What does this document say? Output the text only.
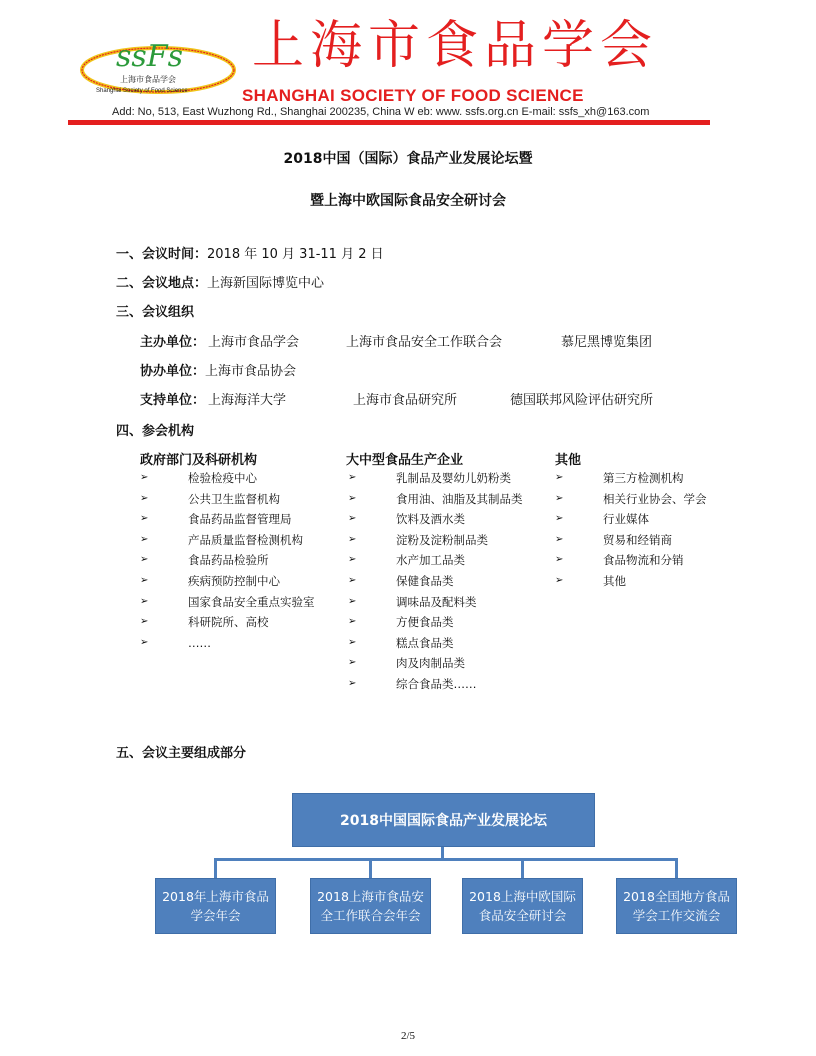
ssFs
上海市食品学会
Shanghai Society of Food Science
上海市食品学会
SHANGHAI SOCIETY OF FOOD SCIENCE
Add: No, 513, East Wuzhong Rd., Shanghai 200235, China W eb: www. ssfs.org.cn E-mail: ssfs_xh@163.com
2018中国（国际）食品产业发展论坛暨
暨上海中欧国际食品安全研讨会
一、会议时间：2018 年 10 月 31-11 月 2 日
二、会议地点：上海新国际博览中心
三、会议组织
主办单位： 上海市食品学会	上海市食品安全工作联合会	慕尼黑博览集团
协办单位：上海市食品协会
支持单位： 上海海洋大学	上海市食品研究所	德国联邦风险评估研究所
四、参会机构
政府部门及科研机构	大中型食品生产企业	其他
➢	检验检疫中心
➢	公共卫生监督机构
➢	食品药品监督管理局
➢	产品质量监督检测机构
➢	食品药品检验所
➢	疾病预防控制中心
➢	国家食品安全重点实验室
➢	科研院所、高校
➢	……
➢	乳制品及婴幼儿奶粉类
➢	食用油、油脂及其制品类
➢	饮料及酒水类
➢	淀粉及淀粉制品类
➢	水产加工品类
➢	保健食品类
➢	调味品及配料类
➢	方便食品类
➢	糕点食品类
➢	肉及肉制品类
➢	综合食品类……
➢	第三方检测机构
➢	相关行业协会、学会
➢	行业媒体
➢	贸易和经销商
➢	食品物流和分销
➢	其他
五、会议主要组成部分
2018中国国际食品产业发展论坛
2018年上海市食品学会年会
2018上海市食品安全工作联合会年会
2018上海中欧国际食品安全研讨会
2018全国地方食品学会工作交流会
2/5
